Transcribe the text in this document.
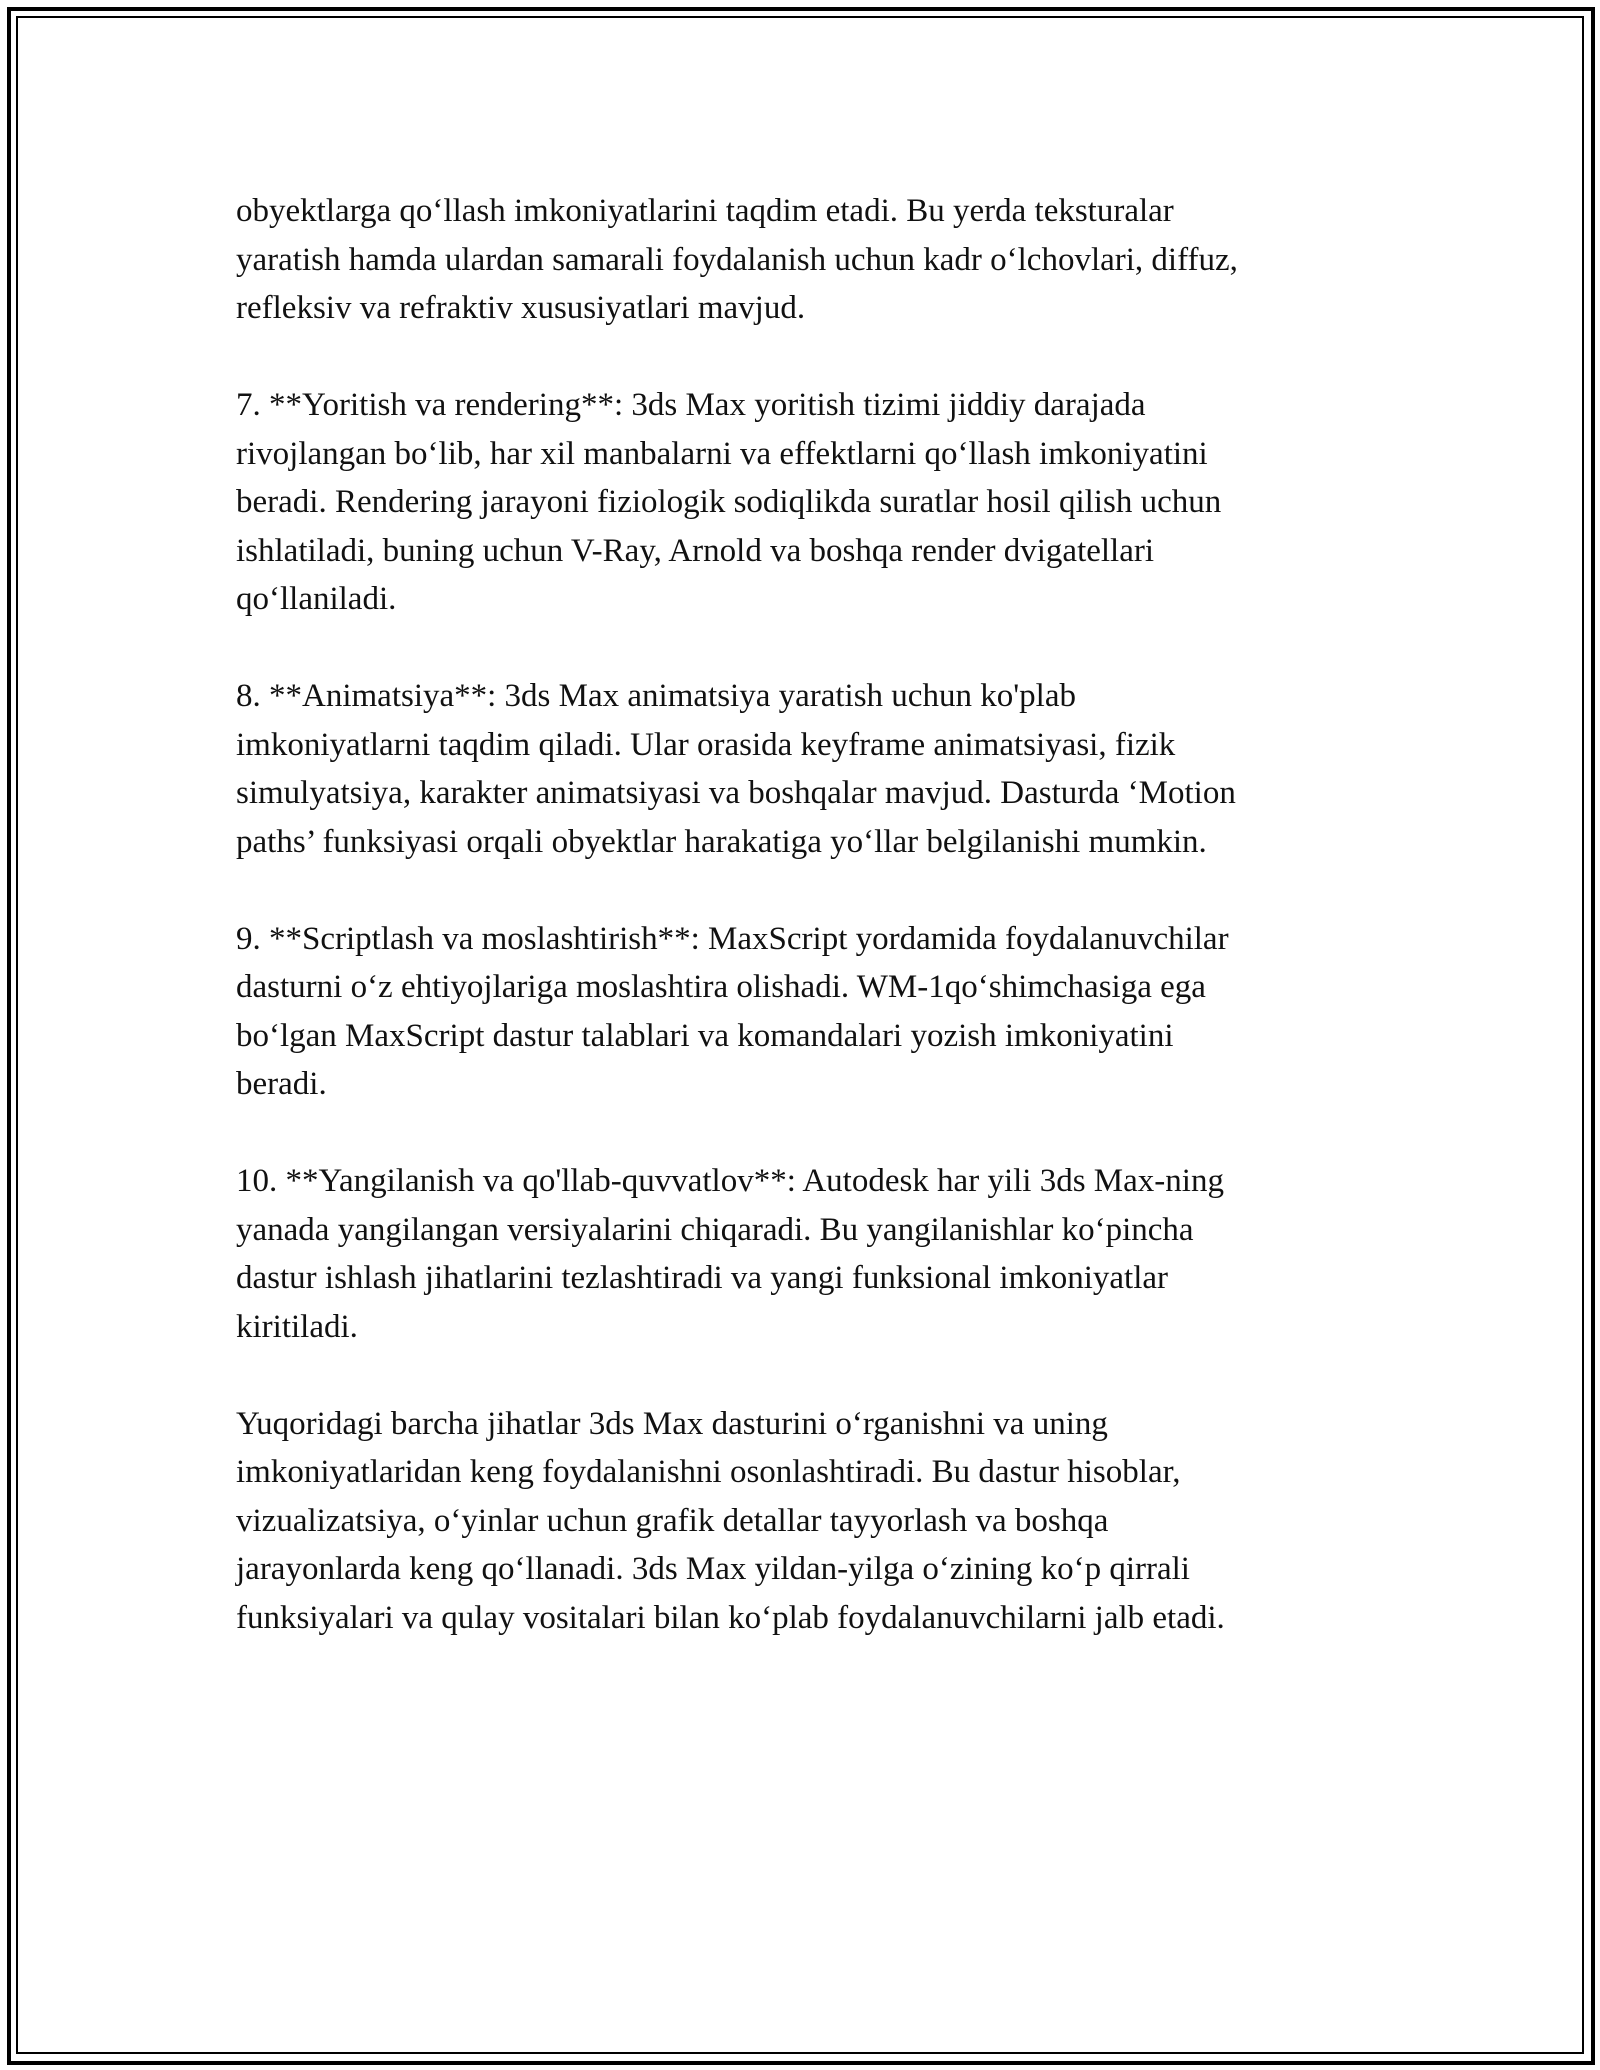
obyektlarga qo‘llash imkoniyatlarini taqdim etadi. Bu yerda teksturalar
yaratish hamda ulardan samarali foydalanish uchun kadr o‘lchovlari, diffuz,
refleksiv va refraktiv xususiyatlari mavjud.

7. **Yoritish va rendering**: 3ds Max yoritish tizimi jiddiy darajada
rivojlangan bo‘lib, har xil manbalarni va effektlarni qo‘llash imkoniyatini
beradi. Rendering jarayoni fiziologik sodiqlikda suratlar hosil qilish uchun
ishlatiladi, buning uchun V-Ray, Arnold va boshqa render dvigatellari
qo‘llaniladi.

8. **Animatsiya**: 3ds Max animatsiya yaratish uchun ko'plab
imkoniyatlarni taqdim qiladi. Ular orasida keyframe animatsiyasi, fizik
simulyatsiya, karakter animatsiyasi va boshqalar mavjud. Dasturda ‘Motion
paths’ funksiyasi orqali obyektlar harakatiga yo‘llar belgilanishi mumkin.

9. **Scriptlash va moslashtirish**: MaxScript yordamida foydalanuvchilar
dasturni o‘z ehtiyojlariga moslashtira olishadi. WM-1qo‘shimchasiga ega
bo‘lgan MaxScript dastur talablari va komandalari yozish imkoniyatini
beradi.

10. **Yangilanish va qo'llab-quvvatlov**: Autodesk har yili 3ds Max-ning
yanada yangilangan versiyalarini chiqaradi. Bu yangilanishlar ko‘pincha
dastur ishlash jihatlarini tezlashtiradi va yangi funksional imkoniyatlar
kiritiladi.

Yuqoridagi barcha jihatlar 3ds Max dasturini o‘rganishni va uning
imkoniyatlaridan keng foydalanishni osonlashtiradi. Bu dastur hisoblar,
vizualizatsiya, o‘yinlar uchun grafik detallar tayyorlash va boshqa
jarayonlarda keng qo‘llanadi. 3ds Max yildan-yilga o‘zining ko‘p qirrali
funksiyalari va qulay vositalari bilan ko‘plab foydalanuvchilarni jalb etadi.
